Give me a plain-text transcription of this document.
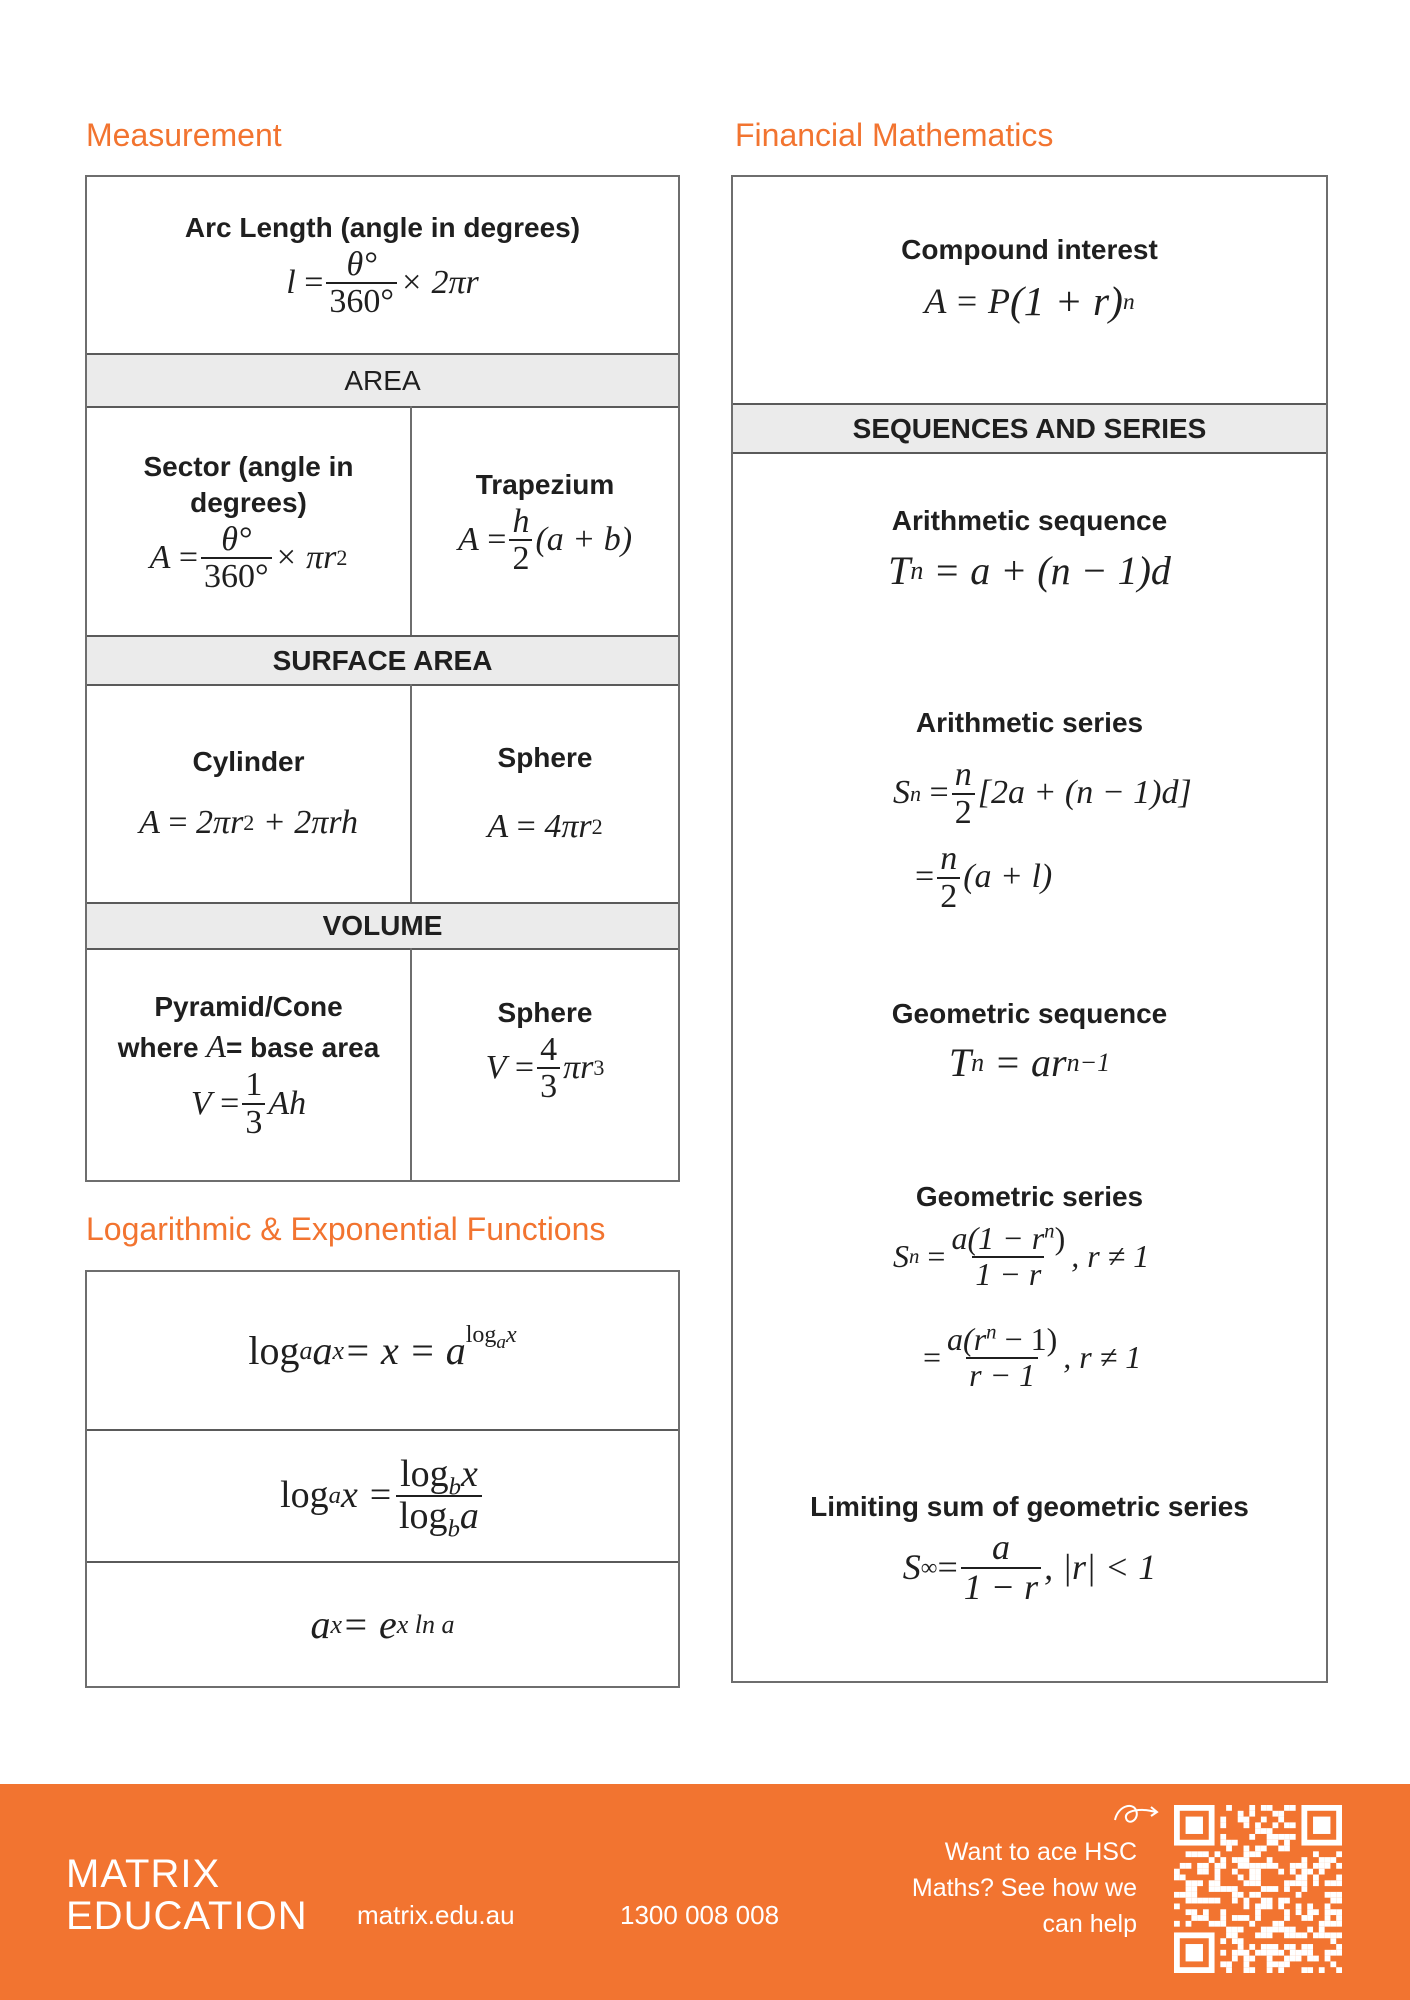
Measurement	Financial Mathematics
Logarithmic & Exponential Functions
Arc Length (angle in degrees)
l
= $\frac{\theta^\circ}{360^\circ} \times 2\pi r$
AREA
Sector (angle in
degrees)
A
= $\frac{\theta^\circ}{360^\circ} \times \pi r$ 2
Trapezium
A
= $\frac{h}{2} (a + b)$
SURFACE AREA
Cylinder
A
=
2πr 2
+ 2πrh
Sphere
A
=
4πr 2
VOLUME
Pyramid/Cone
where A= base area
V
= $\frac{1}{3}$ Ah
Sphere
V
= $\frac{4}{3}$ πr 3
log a a x = x = a $^{log_ax}$
log a $x = \frac{\log_bx}{\log_ba}$
a x = e x ln a
Compound interest
A = P (1 + r) n
SEQUENCES AND SERIES
Arithmetic sequence
T n
= a + (n − 1)d
Arithmetic series
S n
= $\frac{n}{2} [2a + (n - 1)d]$
= $\frac{n}{2} (a + l)$
Geometric sequence
T n
= ar n−1
Geometric series
S n
= $\frac{a(1 - r^n)}{1 - r}$ , r ≠ 1
= $\frac{a(r^n - 1)}{r - 1}$ , r ≠ 1
Limiting sum of geometric series
S ∞ = $\frac{a}{1 - r}$ , |r| < 1
MATRIX
EDUCATION matrix.edu.au	1300 008 008
Want to ace HSC
Maths? See how we
can help
